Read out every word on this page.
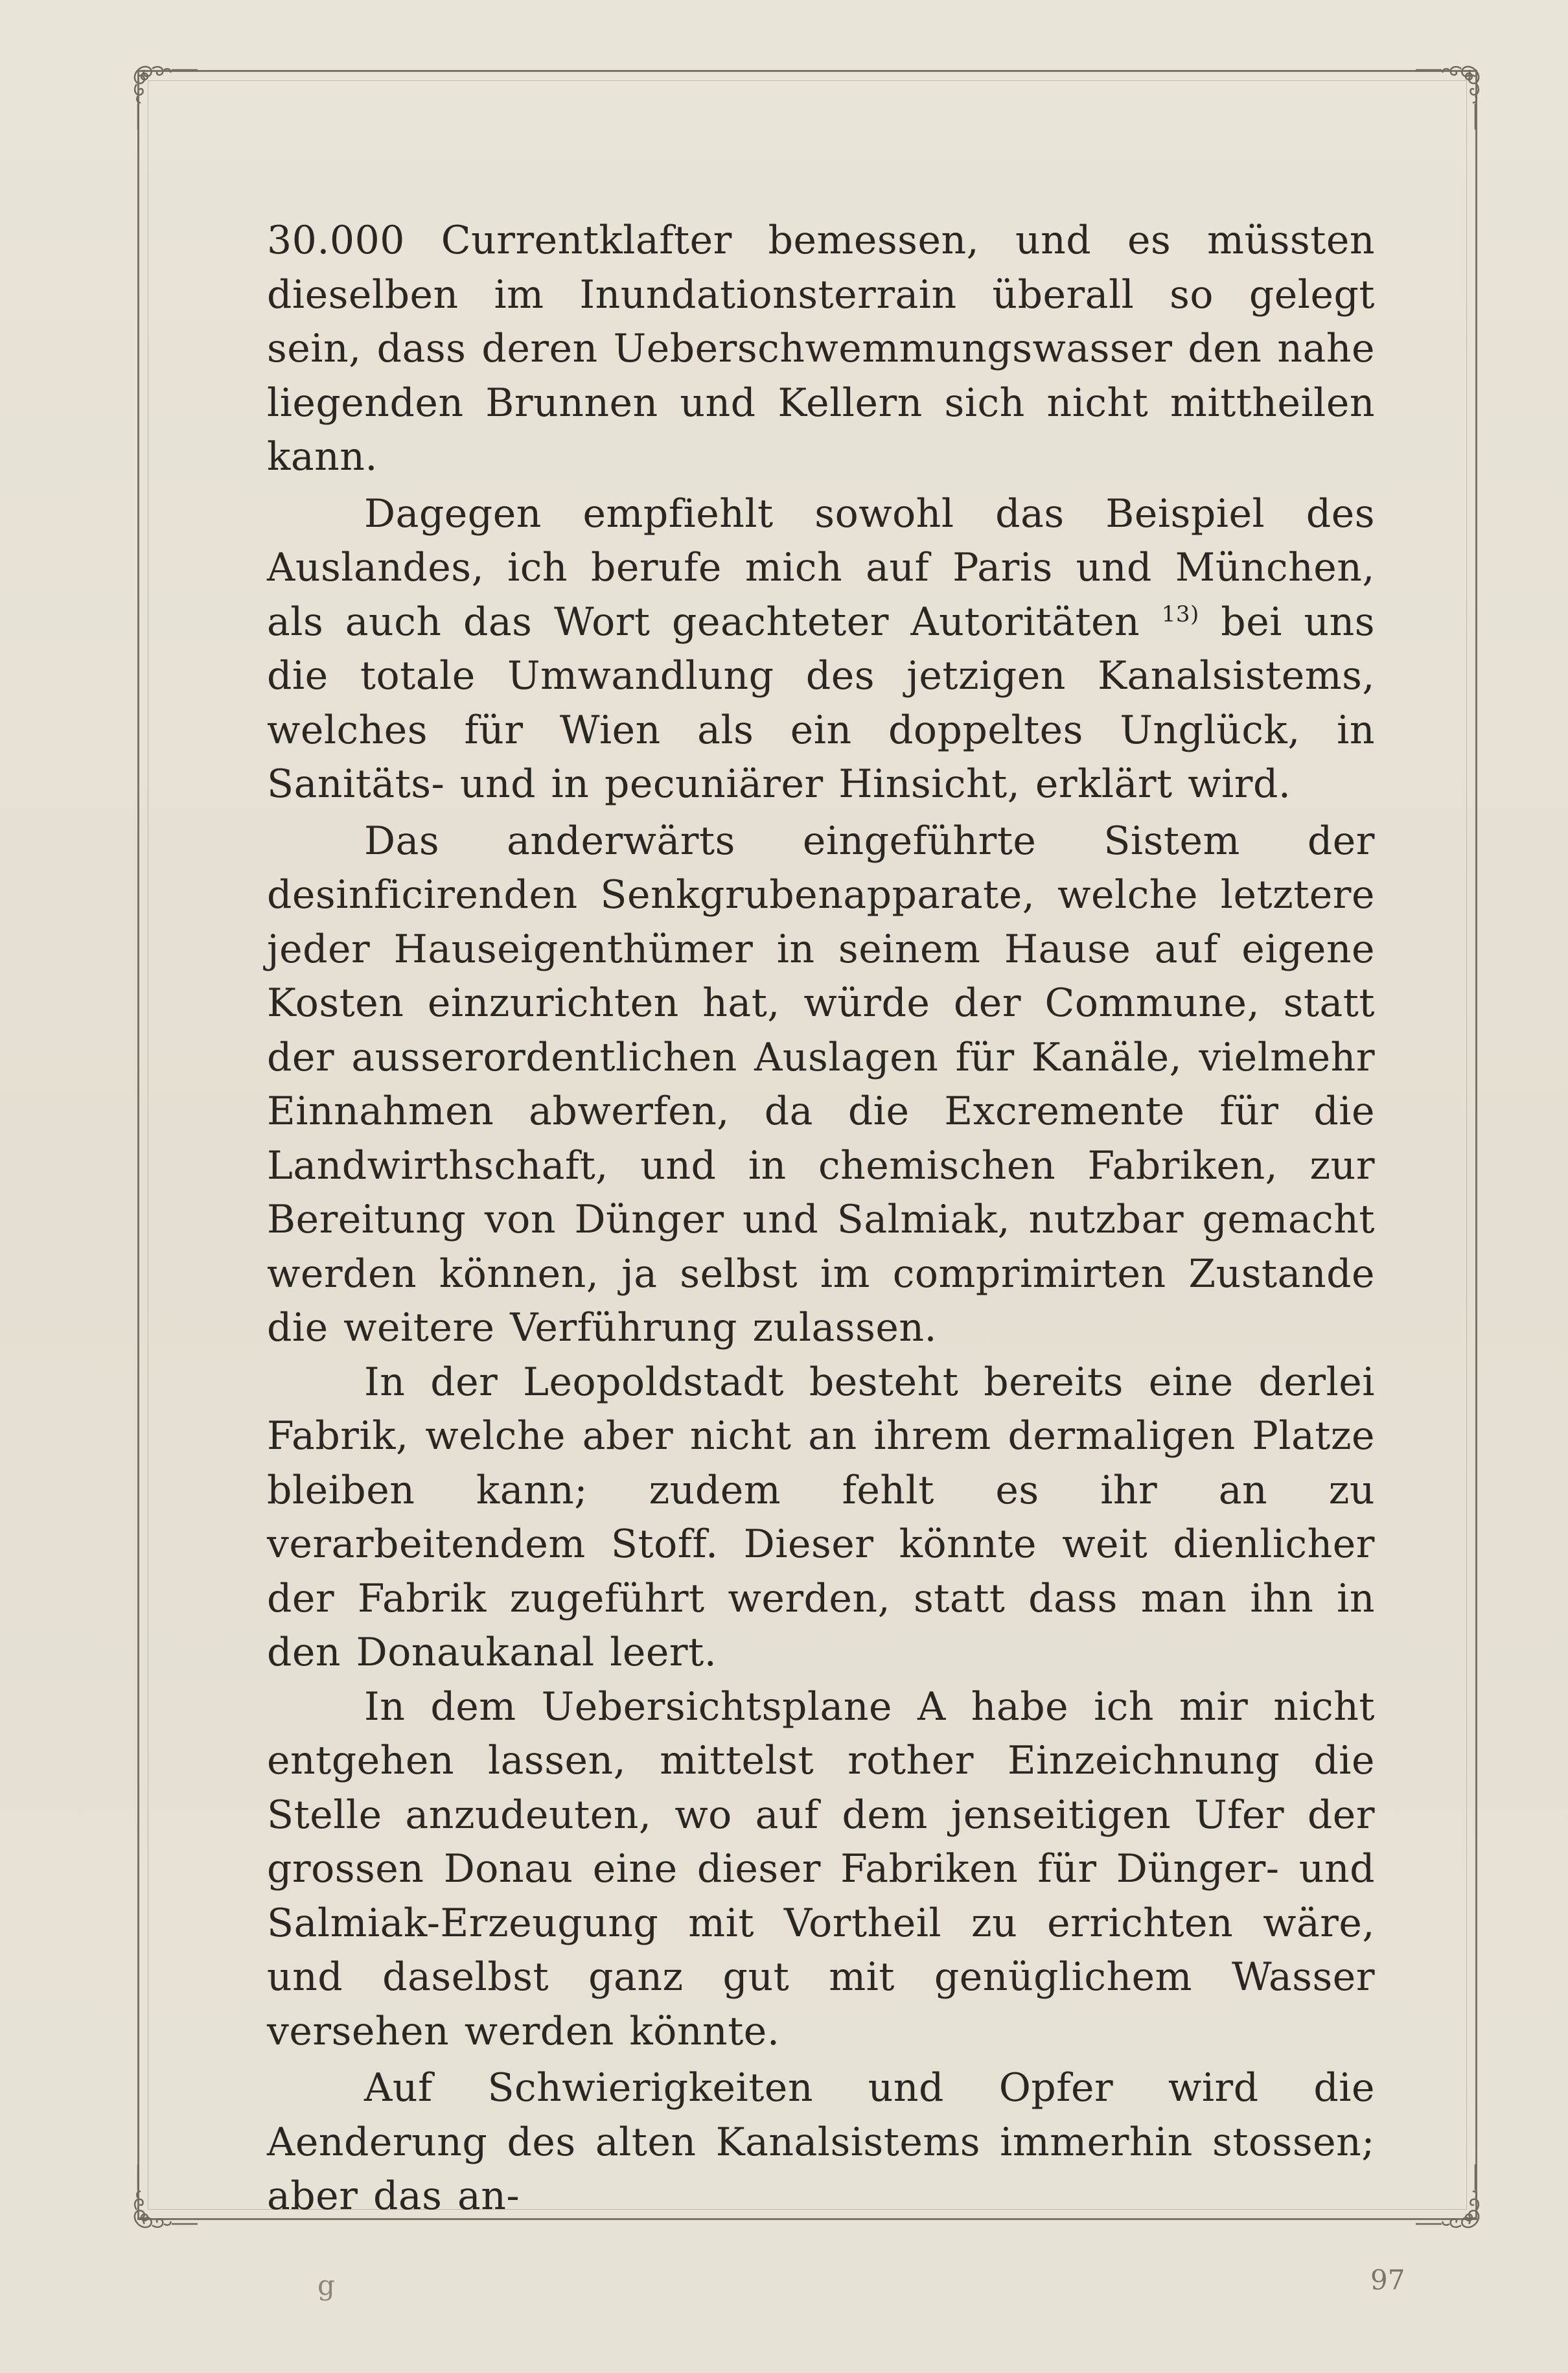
30.000 Currentklafter bemessen, und es müssten dieselben im Inundationsterrain überall so gelegt sein, dass deren Ueberschwemmungswasser den nahe liegenden Brunnen und Kellern sich nicht mittheilen kann.

Dagegen empfiehlt sowohl das Beispiel des Auslandes, ich berufe mich auf Paris und München, als auch das Wort geachteter Autoritäten $^{13)}$ bei uns die totale Umwandlung des jetzigen Kanalsistems, welches für Wien als ein doppeltes Unglück, in Sanitäts- und in pecuniärer Hinsicht, erklärt wird.

Das anderwärts eingeführte Sistem der desinficirenden Senkgrubenapparate, welche letztere jeder Hauseigenthümer in seinem Hause auf eigene Kosten einzurichten hat, würde der Commune, statt der ausserordentlichen Auslagen für Kanäle, vielmehr Einnahmen abwerfen, da die Excremente für die Landwirthschaft, und in chemischen Fabriken, zur Bereitung von Dünger und Salmiak, nutzbar gemacht werden können, ja selbst im comprimirten Zustande die weitere Verführung zulassen.

In der Leopoldstadt besteht bereits eine derlei Fabrik, welche aber nicht an ihrem dermaligen Platze bleiben kann; zudem fehlt es ihr an zu verarbeitendem Stoff. Dieser könnte weit dienlicher der Fabrik zugeführt werden, statt dass man ihn in den Donaukanal leert.

In dem Uebersichtsplane A habe ich mir nicht entgehen lassen, mittelst rother Einzeichnung die Stelle anzudeuten, wo auf dem jenseitigen Ufer der grossen Donau eine dieser Fabriken für Dünger- und Salmiak-Erzeugung mit Vortheil zu errichten wäre, und daselbst ganz gut mit genüglichem Wasser versehen werden könnte.

Auf Schwierigkeiten und Opfer wird die Aenderung des alten Kanalsistems immerhin stossen; aber das an-

g	97
